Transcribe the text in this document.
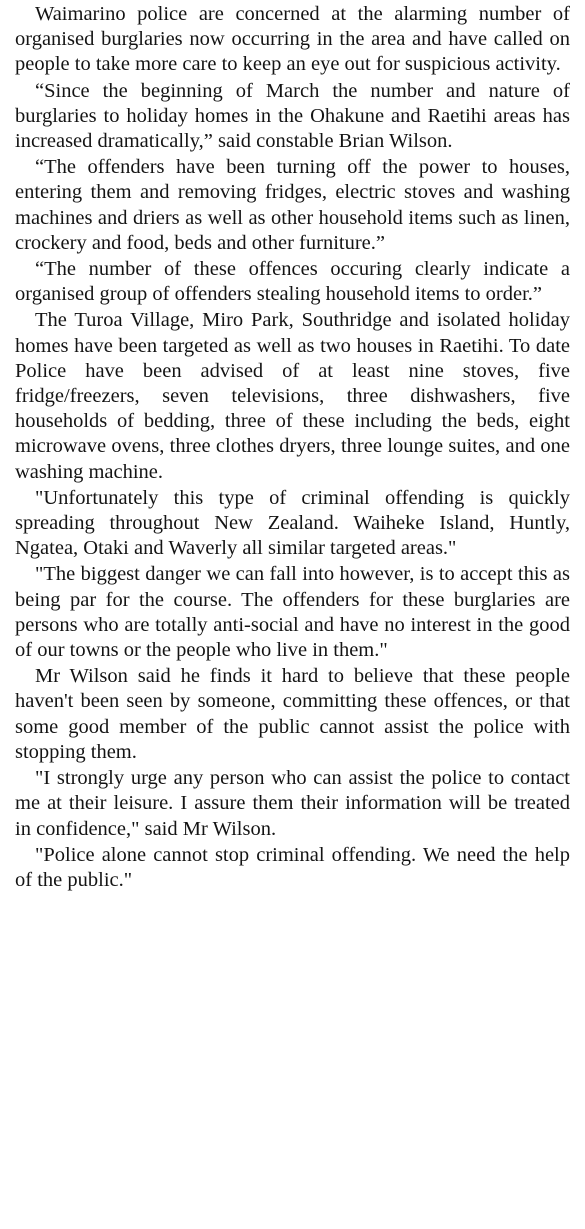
Waimarino police are concerned at the alarming number of organised burglaries now occurring in the area and have called on people to take more care to keep an eye out for suspicious activity.

“Since the beginning of March the number and nature of burglaries to holiday homes in the Ohakune and Raetihi areas has increased dramatically,” said constable Brian Wilson.

“The offenders have been turning off the power to houses, entering them and removing fridges, electric stoves and washing machines and driers as well as other household items such as linen, crockery and food, beds and other furniture.”

“The number of these offences occuring clearly indicate a organised group of offenders stealing household items to order.”

The Turoa Village, Miro Park, Southridge and isolated holiday homes have been targeted as well as two houses in Raetihi. To date Police have been advised of at least nine stoves, five fridge/freezers, seven televisions, three dishwashers, five households of bedding, three of these including the beds, eight microwave ovens, three clothes dryers, three lounge suites, and one washing machine.

"Unfortunately this type of criminal offending is quickly spreading throughout New Zealand. Waiheke Island, Huntly, Ngatea, Otaki and Waverly all similar targeted areas."

"The biggest danger we can fall into however, is to accept this as being par for the course. The offenders for these burglaries are persons who are totally anti-social and have no interest in the good of our towns or the people who live in them."

Mr Wilson said he finds it hard to believe that these people haven't been seen by someone, committing these offences, or that some good member of the public cannot assist the police with stopping them.

"I strongly urge any person who can assist the police to contact me at their leisure. I assure them their information will be treated in confidence," said Mr Wilson.

"Police alone cannot stop criminal offending. We need the help of the public."
